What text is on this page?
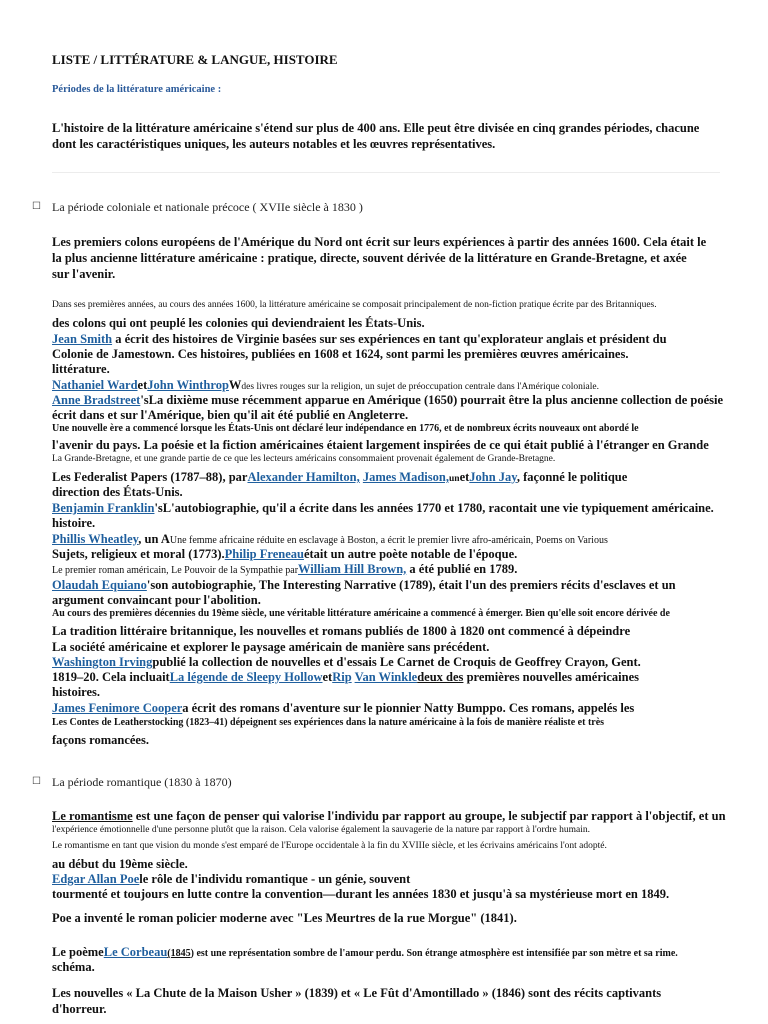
LISTE / LITTÉRATURE & LANGUE, HISTOIRE
Périodes de la littérature américaine :
L'histoire de la littérature américaine s'étend sur plus de 400 ans. Elle peut être divisée en cinq grandes périodes, chacune
dont les caractéristiques uniques, les auteurs notables et les œuvres représentatives.
☐ La période coloniale et nationale précoce ( XVIIe siècle à 1830 )
Les premiers colons européens de l'Amérique du Nord ont écrit sur leurs expériences à partir des années 1600. Cela était le
la plus ancienne littérature américaine : pratique, directe, souvent dérivée de la littérature en Grande-Bretagne, et axée
sur l'avenir.
Dans ses premières années, au cours des années 1600, la littérature américaine se composait principalement de non-fiction pratique écrite par des Britanniques.
des colons qui ont peuplé les colonies qui deviendraient les États-Unis.
Jean Smith a écrit des histoires de Virginie basées sur ses expériences en tant qu'explorateur anglais et président du
Colonie de Jamestown. Ces histoires, publiées en 1608 et 1624, sont parmi les premières œuvres américaines.
littérature.
Nathaniel WardetJohn WinthropWdes livres rouges sur la religion, un sujet de préoccupation centrale dans l'Amérique coloniale.
Anne Bradstreet'sLa dixième muse récemment apparue en Amérique (1650) pourrait être la plus ancienne collection de poésie
écrit dans et sur l'Amérique, bien qu'il ait été publié en Angleterre.
Une nouvelle ère a commencé lorsque les États-Unis ont déclaré leur indépendance en 1776, et de nombreux écrits nouveaux ont abordé le
l'avenir du pays. La poésie et la fiction américaines étaient largement inspirées de ce qui était publié à l'étranger en Grande
La Grande-Bretagne, et une grande partie de ce que les lecteurs américains consommaient provenait également de Grande-Bretagne.
Les Federalist Papers (1787–88), parAlexander Hamilton, James Madison,unetJohn Jay, façonné le politique
direction des États-Unis.
Benjamin Franklin'sL'autobiographie, qu'il a écrite dans les années 1770 et 1780, racontait une vie typiquement américaine.
histoire.
Phillis Wheatley, un AUne femme africaine réduite en esclavage à Boston, a écrit le premier livre afro-américain, Poems on Various
Sujets, religieux et moral (1773).Philip Freneauétait un autre poète notable de l'époque.
Le premier roman américain, Le Pouvoir de la Sympathie parWilliam Hill Brown, a été publié en 1789.
Olaudah Equiano'son autobiographie, The Interesting Narrative (1789), était l'un des premiers récits d'esclaves et un
argument convaincant pour l'abolition.
Au cours des premières décennies du 19ème siècle, une véritable littérature américaine a commencé à émerger. Bien qu'elle soit encore dérivée de
La tradition littéraire britannique, les nouvelles et romans publiés de 1800 à 1820 ont commencé à dépeindre
La société américaine et explorer le paysage américain de manière sans précédent.
Washington Irvingpublié la collection de nouvelles et d'essais Le Carnet de Croquis de Geoffrey Crayon, Gent.
1819–20. Cela incluaitLa légende de Sleepy HollowetRip Van Winkledeux des premières nouvelles américaines
histoires.
James Fenimore Coopera écrit des romans d'aventure sur le pionnier Natty Bumppo. Ces romans, appelés les
Les Contes de Leatherstocking (1823–41) dépeignent ses expériences dans la nature américaine à la fois de manière réaliste et très
façons romancées.
☐ La période romantique (1830 à 1870)
Le romantisme est une façon de penser qui valorise l'individu par rapport au groupe, le subjectif par rapport à l'objectif, et un
l'expérience émotionnelle d'une personne plutôt que la raison. Cela valorise également la sauvagerie de la nature par rapport à l'ordre humain.
Le romantisme en tant que vision du monde s'est emparé de l'Europe occidentale à la fin du XVIIIe siècle, et les écrivains américains l'ont adopté.
au début du 19ème siècle.
Edgar Allan Poele rôle de l'individu romantique - un génie, souvent
tourmenté et toujours en lutte contre la convention—durant les années 1830 et jusqu'à sa mystérieuse mort en 1849.
Poe a inventé le roman policier moderne avec "Les Meurtres de la rue Morgue" (1841).
Le poèmeLe Corbeau(1845) est une représentation sombre de l'amour perdu. Son étrange atmosphère est intensifiée par son mètre et sa rime.
schéma.
Les nouvelles « La Chute de la Maison Usher » (1839) et « Le Fût d'Amontillado » (1846) sont des récits captivants
d'horreur.
